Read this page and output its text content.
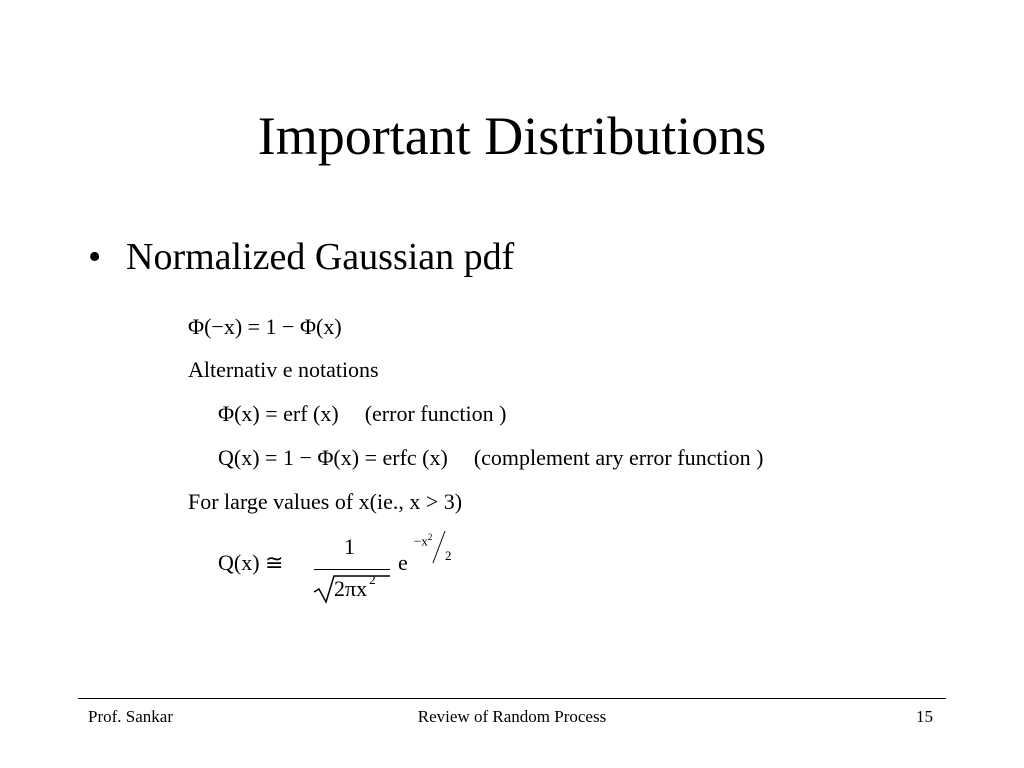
Important Distributions
• Normalized Gaussian pdf
Φ(−x) = 1 − Φ(x)
Alternativ e notations
Φ(x) = erf (x) (error function )
Q(x) = 1 − Φ(x) = erfc (x) (complement ary error function )
For large values of x(ie., x > 3)
Q(x) ≅
1
2πx $^2$
e
$-x^2$
2
Prof. Sankar	Review of Random Process	15
